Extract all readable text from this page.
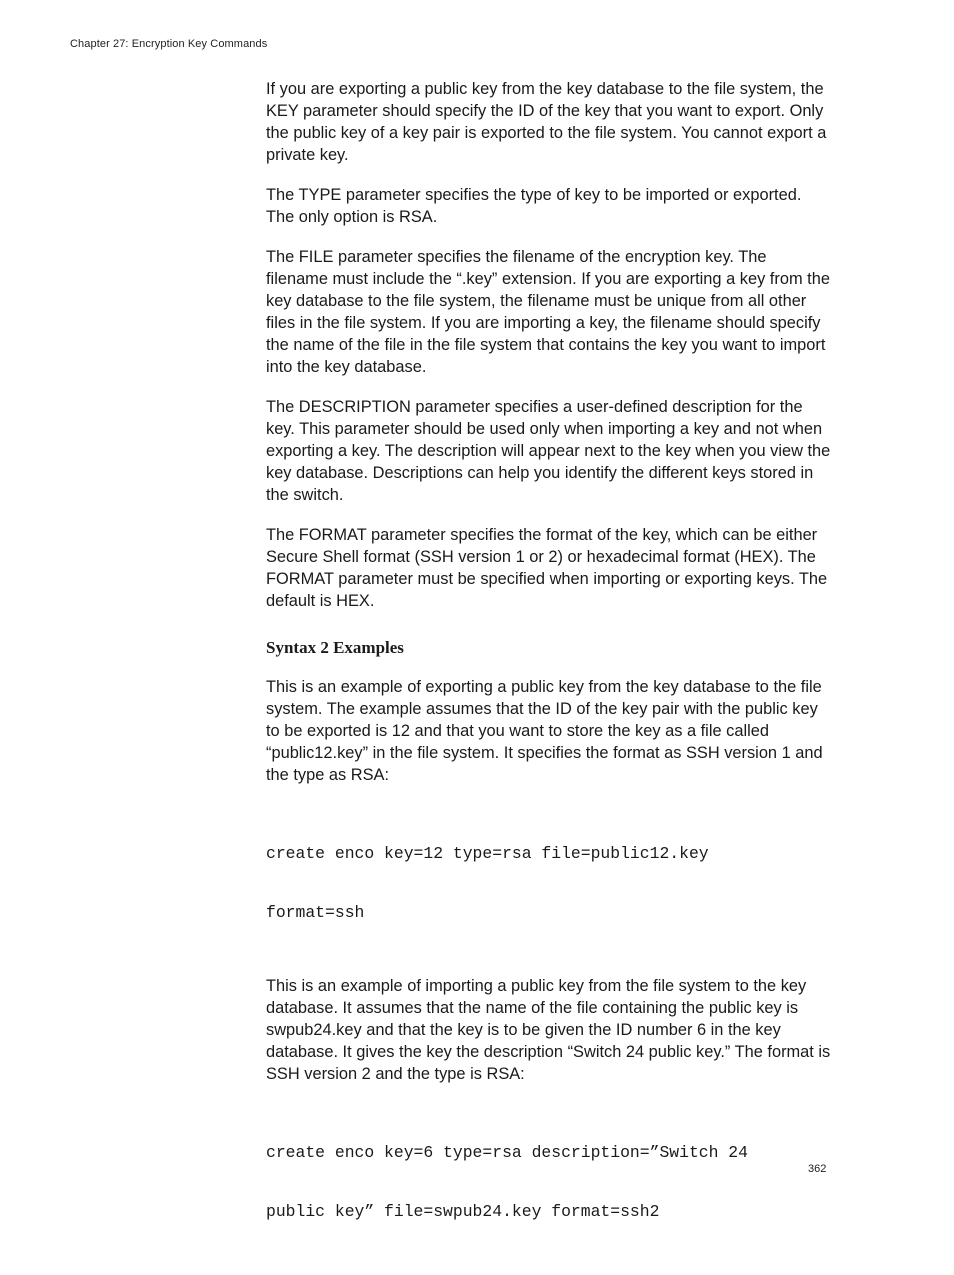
Chapter 27: Encryption Key Commands

If you are exporting a public key from the key database to the file system, the KEY parameter should specify the ID of the key that you want to export. Only the public key of a key pair is exported to the file system. You cannot export a private key.

The TYPE parameter specifies the type of key to be imported or exported. The only option is RSA.

The FILE parameter specifies the filename of the encryption key. The filename must include the “.key” extension. If you are exporting a key from the key database to the file system, the filename must be unique from all other files in the file system. If you are importing a key, the filename should specify the name of the file in the file system that contains the key you want to import into the key database.

The DESCRIPTION parameter specifies a user-defined description for the key. This parameter should be used only when importing a key and not when exporting a key. The description will appear next to the key when you view the key database. Descriptions can help you identify the different keys stored in the switch.

The FORMAT parameter specifies the format of the key, which can be either Secure Shell format (SSH version 1 or 2) or hexadecimal format (HEX). The FORMAT parameter must be specified when importing or exporting keys. The default is HEX.

Syntax 2 Examples

This is an example of exporting a public key from the key database to the file system. The example assumes that the ID of the key pair with the public key to be exported is 12 and that you want to store the key as a file called “public12.key” in the file system. It specifies the format as SSH version 1 and the type as RSA:

create enco key=12 type=rsa file=public12.key

format=ssh

This is an example of importing a public key from the file system to the key database. It assumes that the name of the file containing the public key is swpub24.key and that the key is to be given the ID number 6 in the key database. It gives the key the description “Switch 24 public key.” The format is SSH version 2 and the type is RSA:

create enco key=6 type=rsa description=”Switch 24

public key” file=swpub24.key format=ssh2

362
